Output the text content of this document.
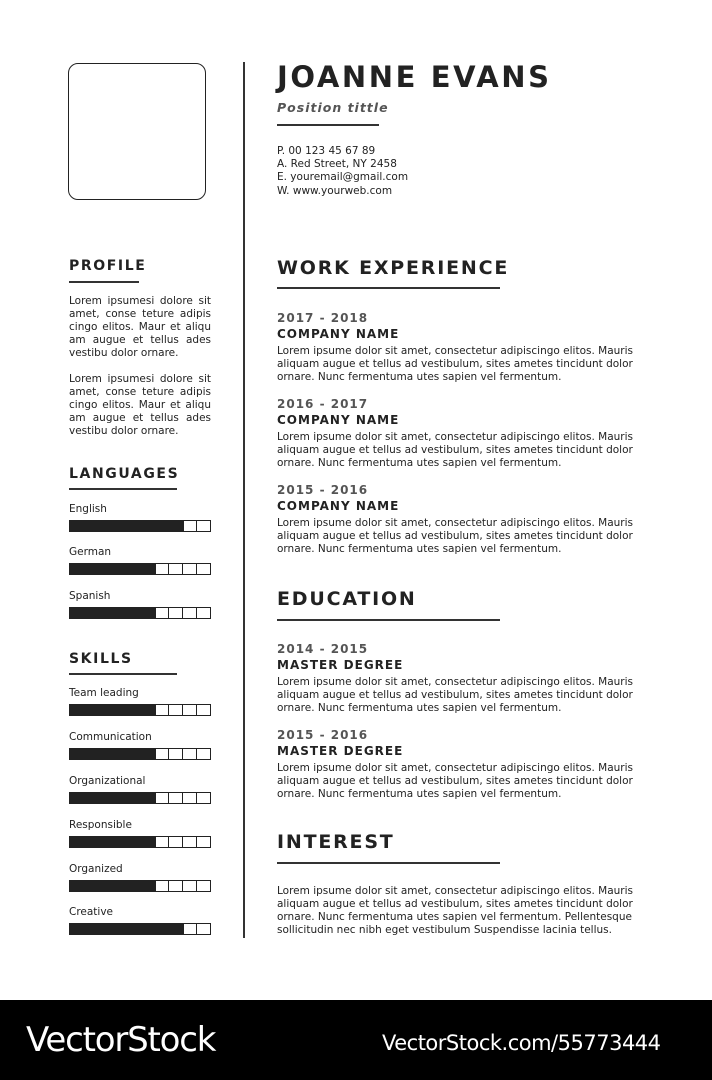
PROFILE

Lorem ipsumesi dolore sit amet, conse teture adipis cingo elitos. Maur et aliqu am augue et tellus ades vestibu dolor ornare.

Lorem ipsumesi dolore sit amet, conse teture adipis cingo elitos. Maur et aliqu am augue et tellus ades vestibu dolor ornare.

LANGUAGES
English
German
Spanish
SKILLS
Team leading
Communication
Organizational
Responsible
Organized
Creative
JOANNE EVANS
Position tittle
P. 00 123 45 67 89
A. Red Street, NY 2458
E. youremail@gmail.com
W. www.yourweb.com
WORK EXPERIENCE
2017 - 2018
COMPANY NAME
Lorem ipsume dolor sit amet, consectetur adipiscingo elitos. Mauris aliquam augue et tellus ad vestibulum, sites ametes tincidunt dolor ornare. Nunc fermentuma utes sapien vel fermentum.
2016 - 2017
COMPANY NAME
Lorem ipsume dolor sit amet, consectetur adipiscingo elitos. Mauris aliquam augue et tellus ad vestibulum, sites ametes tincidunt dolor ornare. Nunc fermentuma utes sapien vel fermentum.
2015 - 2016
COMPANY NAME
Lorem ipsume dolor sit amet, consectetur adipiscingo elitos. Mauris aliquam augue et tellus ad vestibulum, sites ametes tincidunt dolor ornare. Nunc fermentuma utes sapien vel fermentum.
EDUCATION
2014 - 2015
MASTER DEGREE
Lorem ipsume dolor sit amet, consectetur adipiscingo elitos. Mauris aliquam augue et tellus ad vestibulum, sites ametes tincidunt dolor ornare. Nunc fermentuma utes sapien vel fermentum.
2015 - 2016
MASTER DEGREE
Lorem ipsume dolor sit amet, consectetur adipiscingo elitos. Mauris aliquam augue et tellus ad vestibulum, sites ametes tincidunt dolor ornare. Nunc fermentuma utes sapien vel fermentum.
INTEREST

Lorem ipsume dolor sit amet, consectetur adipiscingo elitos. Mauris aliquam augue et tellus ad vestibulum, sites ametes tincidunt dolor ornare. Nunc fermentuma utes sapien vel fermentum. Pellentesque sollicitudin nec nibh eget vestibulum Suspendisse lacinia tellus.

VectorStock	VectorStock.com/55773444
